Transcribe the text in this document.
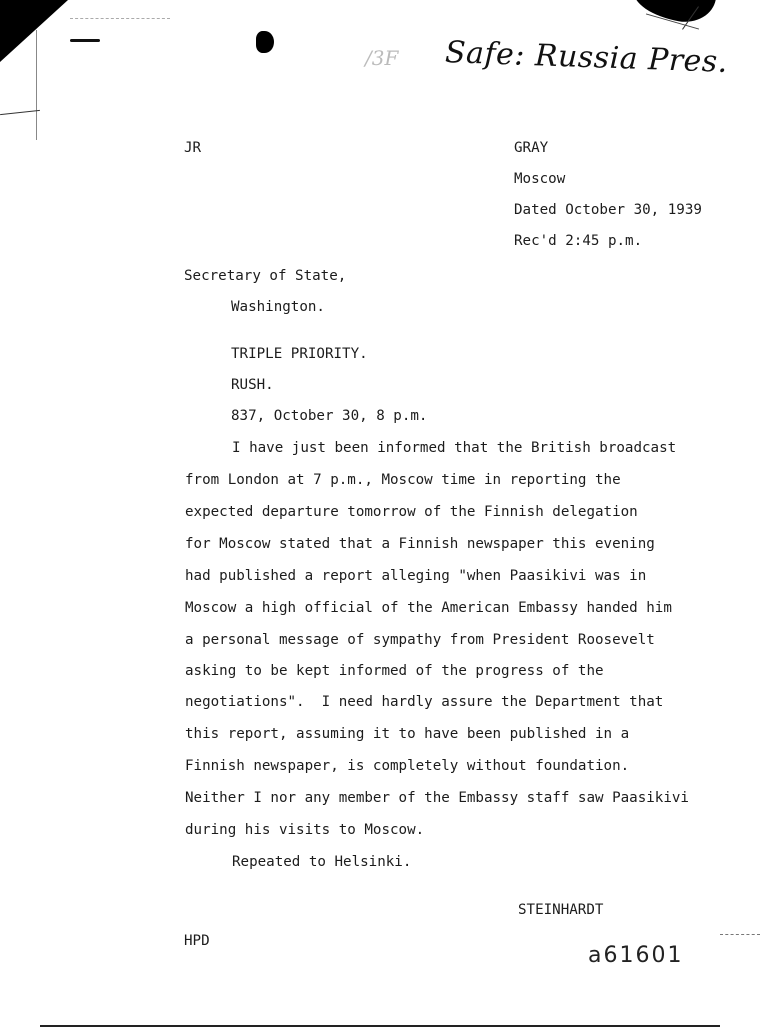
/3F Safe: Russia Pres.
JR	GRAY
Moscow
Dated October 30, 1939
Rec'd 2:45 p.m.
Secretary of State,
Washington.
TRIPLE PRIORITY.
RUSH.
837, October 30, 8 p.m.
I have just been informed that the British broadcast
from London at 7 p.m., Moscow time in reporting the
expected departure tomorrow of the Finnish delegation
for Moscow stated that a Finnish newspaper this evening
had published a report alleging "when Paasikivi was in
Moscow a high official of the American Embassy handed him
a personal message of sympathy from President Roosevelt
asking to be kept informed of the progress of the
negotiations".  I need hardly assure the Department that
this report, assuming it to have been published in a
Finnish newspaper, is completely without foundation.
Neither I nor any member of the Embassy staff saw Paasikivi
during his visits to Moscow.
Repeated to Helsinki.
STEINHARDT
HPD
a61601
